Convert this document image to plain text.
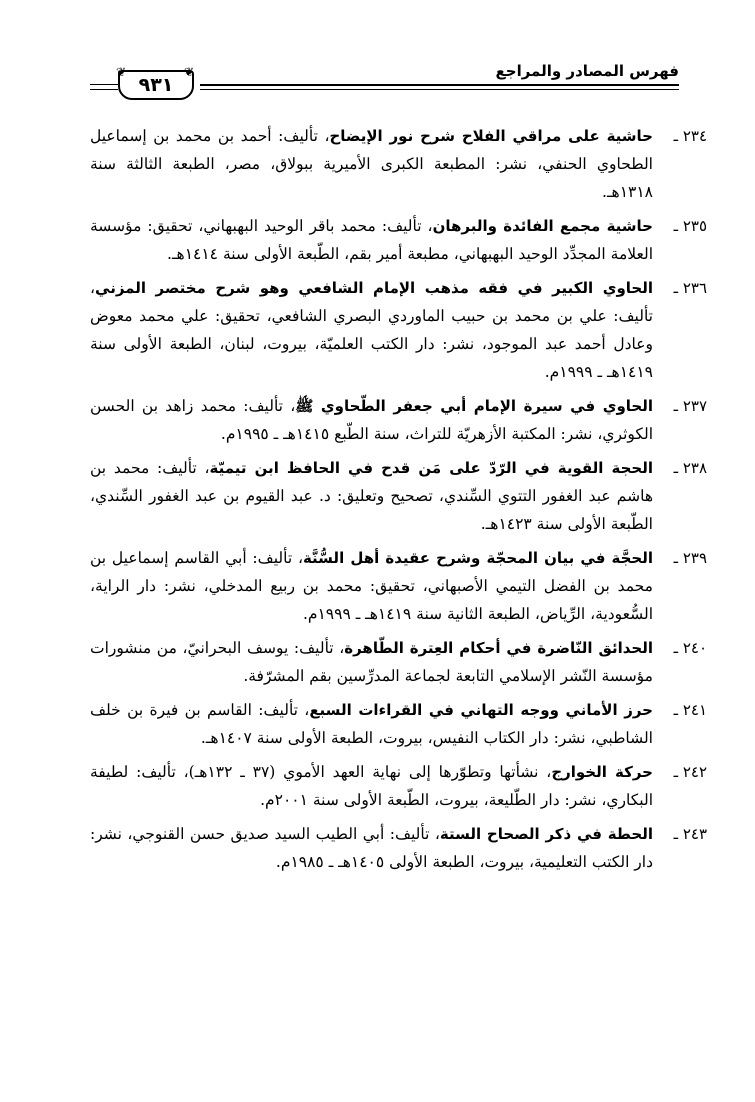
فهرس المصادر والمراجع
❦	❦
٩٣١
٢٣٤ ـ
حاشية على مراقي الفلاح شرح نور الإيضاح، تأليف: أحمد بن محمد بن إسماعيل الطحاوي الحنفي، نشر: المطبعة الكبرى الأميرية ببولاق، مصر، الطبعة الثالثة سنة ١٣١٨هـ.
٢٣٥ ـ
حاشية مجمع الفائدة والبرهان، تأليف: محمد باقر الوحيد البهبهاني، تحقيق: مؤسسة العلامة المجدِّد الوحيد البهبهاني، مطبعة أمير بقم، الطّبعة الأولى سنة ١٤١٤هـ.
٢٣٦ ـ
الحاوي الكبير في فقه مذهب الإمام الشافعي وهو شرح مختصر المزني، تأليف: علي بن محمد بن حبيب الماوردي البصري الشافعي، تحقيق: علي محمد معوض وعادل أحمد عبد الموجود، نشر: دار الكتب العلميّة، بيروت، لبنان، الطبعة الأولى سنة ١٤١٩هـ ـ ١٩٩٩م.
٢٣٧ ـ
الحاوي في سيرة الإمام أبي جعفر الطّحاوي ﷺ، تأليف: محمد زاهد بن الحسن الكوثري، نشر: المكتبة الأزهريّة للتراث، سنة الطّبع ١٤١٥هـ ـ ١٩٩٥م.
٢٣٨ ـ
الحجة القوية في الرّدّ على مَن قدح في الحافظ ابن تيميّة، تأليف: محمد بن هاشم عبد الغفور التتوي السِّندي، تصحيح وتعليق: د. عبد القيوم بن عبد الغفور السِّندي، الطّبعة الأولى سنة ١٤٢٣هـ.
٢٣٩ ـ
الحجَّة في بيان المحجّة وشرح عقيدة أهل السُّنَّة، تأليف: أبي القاسم إسماعيل بن محمد بن الفضل التيمي الأصبهاني، تحقيق: محمد بن ربيع المدخلي، نشر: دار الراية، السُّعودية، الرِّياض، الطبعة الثانية سنة ١٤١٩هـ ـ ١٩٩٩م.
٢٤٠ ـ
الحدائق النّاضرة في أحكام العِترة الطّاهرة، تأليف: يوسف البحرانيّ، من منشورات مؤسسة النّشر الإسلامي التابعة لجماعة المدرِّسين بقم المشرّفة.
٢٤١ ـ
حرز الأماني ووجه التهاني في القراءات السبع، تأليف: القاسم بن فيرة بن خلف الشاطبي، نشر: دار الكتاب النفيس، بيروت، الطبعة الأولى سنة ١٤٠٧هـ.
٢٤٢ ـ
حركة الخوارج، نشأتها وتطوّرها إلى نهاية العهد الأموي (٣٧ ـ ١٣٢هـ)، تأليف: لطيفة البكاري، نشر: دار الطّليعة، بيروت، الطّبعة الأولى سنة ٢٠٠١م.
٢٤٣ ـ
الحطة في ذكر الصحاح الستة، تأليف: أبي الطيب السيد صديق حسن القنوجي، نشر: دار الكتب التعليمية، بيروت، الطبعة الأولى ١٤٠٥هـ ـ ١٩٨٥م.
